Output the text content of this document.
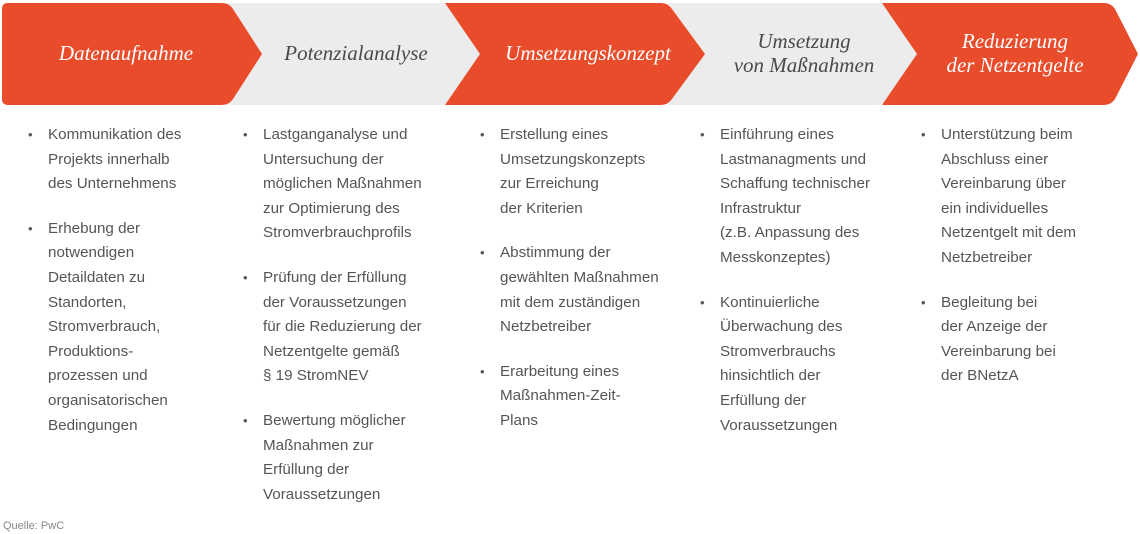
Datenaufnahme	Potenzialanalyse	Umsetzungskonzept	Umsetzung
von Maßnahmen
Reduzierung
der Netzentgelte
• Kommunikation des
Projekts innerhalb
des Unternehmens
• Erhebung der
notwendigen
Detaildaten zu
Standorten,
Stromverbrauch,
Produktions-
prozessen und
organisatorischen
Bedingungen
• Lastganganalyse und
Untersuchung der
möglichen Maßnahmen
zur Optimierung des
Stromverbrauchprofils
• Prüfung der Erfüllung
der Voraussetzungen
für die Reduzierung der
Netzentgelte gemäß
§ 19 StromNEV
• Bewertung möglicher
Maßnahmen zur
Erfüllung der
Voraussetzungen
• Erstellung eines
Umsetzungskonzepts
zur Erreichung
der Kriterien
• Abstimmung der
gewählten Maßnahmen
mit dem zuständigen
Netzbetreiber
• Erarbeitung eines
Maßnahmen-Zeit-
Plans
• Einführung eines
Lastmanagments und
Schaffung technischer
Infrastruktur
(z.B. Anpassung des
Messkonzeptes)
• Kontinuierliche
Überwachung des
Stromverbrauchs
hinsichtlich der
Erfüllung der
Voraussetzungen
• Unterstützung beim
Abschluss einer
Vereinbarung über
ein individuelles
Netzentgelt mit dem
Netzbetreiber
• Begleitung bei
der Anzeige der
Vereinbarung bei
der BNetzA
Quelle: PwC
